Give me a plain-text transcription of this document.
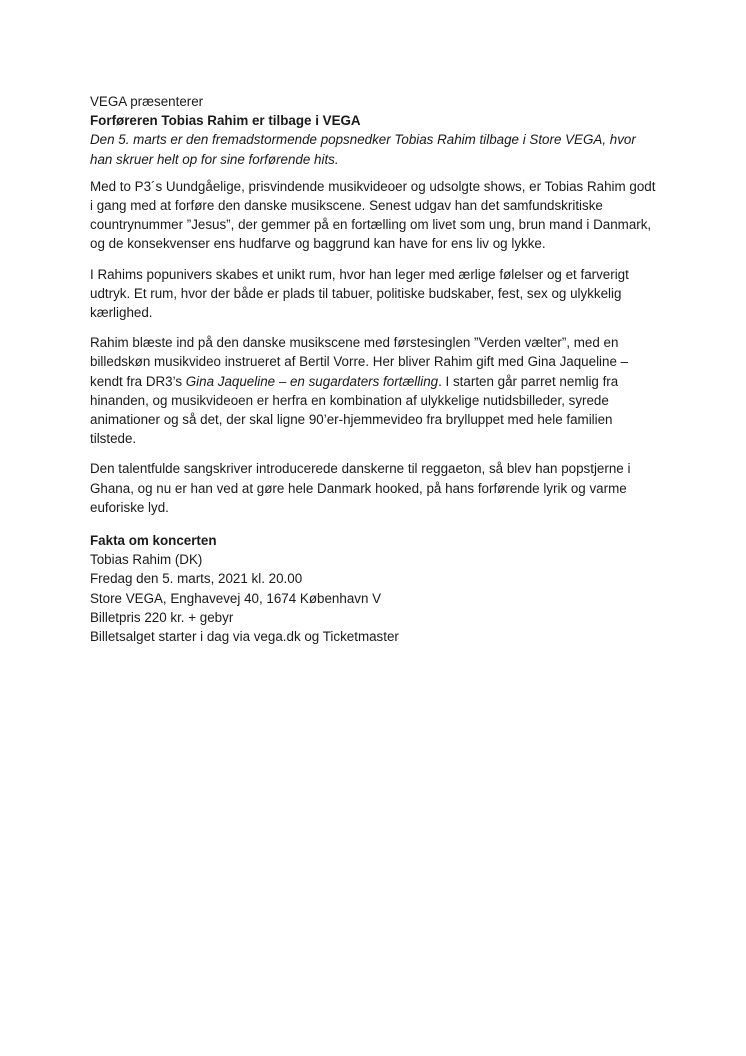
VEGA præsenterer
Forføreren Tobias Rahim er tilbage i VEGA

Den 5. marts er den fremadstormende popsnedker Tobias Rahim tilbage i Store VEGA, hvor han skruer helt op for sine forførende hits.

Med to P3´s Uundgåelige, prisvindende musikvideoer og udsolgte shows, er Tobias Rahim godt i gang med at forføre den danske musikscene. Senest udgav han det samfundskritiske countrynummer ”Jesus”, der gemmer på en fortælling om livet som ung, brun mand i Danmark, og de konsekvenser ens hudfarve og baggrund kan have for ens liv og lykke.

I Rahims popunivers skabes et unikt rum, hvor han leger med ærlige følelser og et farverigt udtryk. Et rum, hvor der både er plads til tabuer, politiske budskaber, fest, sex og ulykkelig kærlighed.

Rahim blæste ind på den danske musikscene med førstesinglen ”Verden vælter”, med en billedskøn musikvideo instrueret af Bertil Vorre. Her bliver Rahim gift med Gina Jaqueline – kendt fra DR3’s Gina Jaqueline – en sugardaters fortælling. I starten går parret nemlig fra hinanden, og musikvideoen er herfra en kombination af ulykkelige nutidsbilleder, syrede animationer og så det, der skal ligne 90’er-hjemmevideo fra brylluppet med hele familien tilstede.

Den talentfulde sangskriver introducerede danskerne til reggaeton, så blev han popstjerne i Ghana, og nu er han ved at gøre hele Danmark hooked, på hans forførende lyrik og varme euforiske lyd.

Fakta om koncerten
Tobias Rahim (DK)
Fredag den 5. marts, 2021 kl. 20.00
Store VEGA, Enghavevej 40, 1674 København V
Billetpris 220 kr. + gebyr
Billetsalget starter i dag via vega.dk og Ticketmaster
